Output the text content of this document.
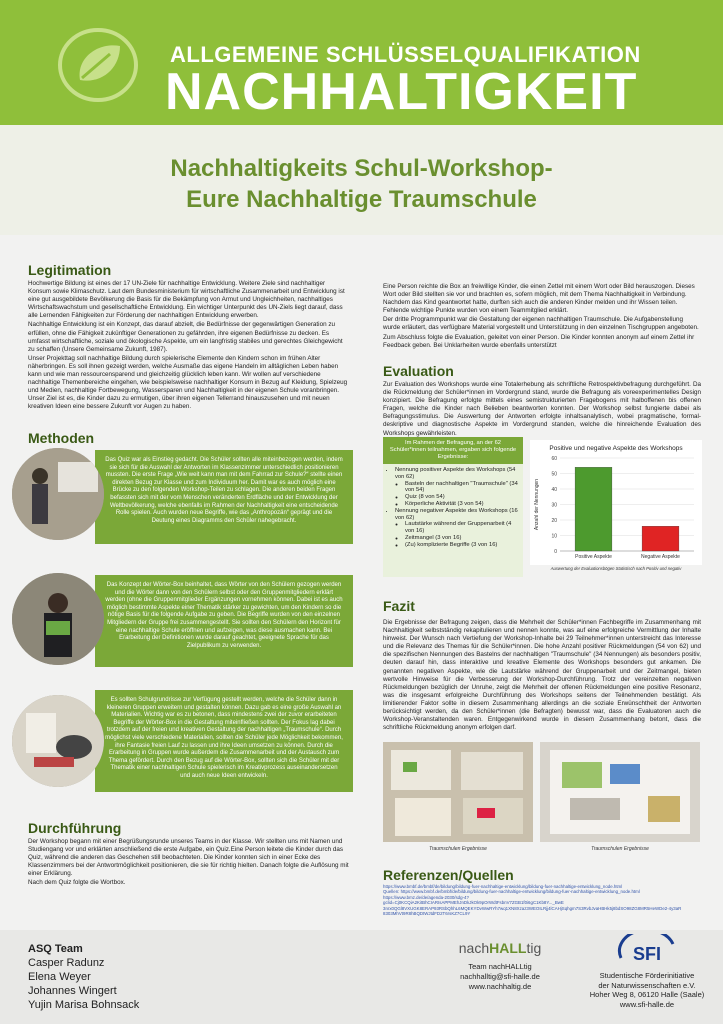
ALLGEMEINE SCHLÜSSELQUALIFIKATION
NACHHALTIGKEIT
Nachhaltigkeits Schul-Workshop-
Eure Nachhaltige Traumschule
Legitimation

Hochwertige Bildung ist eines der 17 UN-Ziele für nachhaltige Entwicklung. Weitere Ziele sind nachhaltiger Konsum sowie Klimaschutz. Laut dem Bundesministerium für wirtschaftliche Zusammenarbeit und Entwicklung ist eine gut ausgebildete Bevölkerung die Basis für die Bekämpfung von Armut und Ungleichheiten, nachhaltiges Wirtschaftswachstum und gesellschaftliche Entwicklung. Ein wichtiger Unterpunkt des UN-Ziels liegt darauf, dass alle Lernenden Fähigkeiten zur Förderung der nachhaltigen Entwicklung erwerben.

Nachhaltige Entwicklung ist ein Konzept, das darauf abzielt, die Bedürfnisse der gegenwärtigen Generation zu erfüllen, ohne die Fähigkeit zukünftiger Generationen zu gefährden, ihre eigenen Bedürfnisse zu decken. Es umfasst wirtschaftliche, soziale und ökologische Aspekte, um ein langfristig stabiles und gerechtes Gleichgewicht zu schaffen (Unsere Gemeinsame Zukunft, 1987).

Unser Projekttag soll nachhaltige Bildung durch spielerische Elemente den Kindern schon im frühen Alter näherbringen. Es soll ihnen gezeigt werden, welche Ausmaße das eigene Handeln im alltäglichen Leben haben kann und wie man ressourcensparend und gleichzeitig glücklich leben kann. Wir wollen auf verschiedene nachhaltige Themenbereiche eingehen, wie beispielsweise nachhaltiger Konsum in Bezug auf Kleidung, Spielzeug und Medien, nachhaltige Fortbewegung, Wassersparen und Nachhaltigkeit in der eigenen Schule voranbringen. Unser Ziel ist es, die Kinder dazu zu ermutigen, über ihren eigenen Tellerrand hinauszusehen und mit neuen kreativen Ideen eine bessere Zukunft vor Augen zu haben.

Methoden

Das Quiz war als Einstieg gedacht. Die Schüler sollten alle miteinbezogen werden, indem sie sich für die Auswahl der Antworten im Klassenzimmer unterschiedlich positionieren mussten. Die erste Frage „Wie weit kann man mit dem Fahrrad zur Schule?“ stellte einen direkten Bezug zur Klasse und zum Individuum her. Damit war es auch möglich eine Brücke zu den folgenden Workshop-Teilen zu schlagen. Die anderen beiden Fragen befassten sich mit der vom Menschen veränderten Erdfläche und der Entwicklung der Weltbevölkerung, welche ebenfalls im Rahmen der Nachhaltigkeit eine entscheidende Rolle spielen. Auch wurden neue Begriffe, wie das „Anthropozän“ geprägt und die Deutung eines Diagramms den Schüler nahegebracht.

Das Konzept der Wörter-Box beinhaltet, dass Wörter von den Schülern gezogen werden und die Wörter dann von den Schülern selbst oder den Gruppenmitgliedern erklärt werden (ohne die Gruppenmitglieder Ergänzungen vornehmen können. Dabei ist es auch möglich bestimmte Aspekte einer Thematik stärker zu gewichten, um den Kindern so die nötige Basis für die folgende Aufgabe zu geben. Die Begriffe wurden von den einzelnen Mitgliedern der Gruppe frei zusammengestellt. Sie sollten den Schülern den Horizont für eine nachhaltige Schule eröffnen und aufzeigen, was diese ausmachen kann. Bei Erarbeitung der Definitionen wurde darauf geachtet, geeignete Sprache für das Zielpublikum zu verwenden.

Es sollten Schulgrundrisse zur Verfügung gestellt werden, welche die Schüler dann in kleineren Gruppen erweitern und gestalten können. Dazu gab es eine große Auswahl an Materialien. Wichtig war es zu betonen, dass mindestens zwei der zuvor erarbeiteten Begriffe der Wörter-Box in die Gestaltung miteinfließen sollten. Der Fokus lag dabei trotzdem auf der freien und kreativen Gestaltung der nachhaltigen „Traumschule“. Durch möglichst viele verschiedene Materialien, sollten die Schüler jede Möglichkeit bekommen, ihre Fantasie freien Lauf zu lassen und ihre Ideen umsetzen zu können. Durch die Erarbeitung in Gruppen wurde außerdem die Zusammenarbeit und der Austausch zum Thema gefördert. Durch den Bezug auf die Wörter-Box, sollten sich die Schüler mit der Thematik einer nachhaltigen Schule spielerisch im Kreativprozess auseinandersetzen und auch neue Ideen entwickeln.

Durchführung

Der Workshop begann mit einer Begrüßungsrunde unseres Teams in der Klasse. Wir stellten uns mit Namen und Studiengang vor und erklärten anschließend die erste Aufgabe, ein Quiz.Eine Person leitete die Kinder durch das Quiz, während die anderen das Geschehen still beobachteten. Die Kinder konnten sich in einer Ecke des Klassenzimmers bei der Antwortmöglichkeit positionieren, die sie für richtig hielten. Danach folgte die Auflösung mit einer Erklärung.

Nach dem Quiz folgte die Wortbox.

Eine Person reichte die Box an freiwillige Kinder, die einen Zettel mit einem Wort oder Bild herauszogen. Dieses Wort oder Bild stellten sie vor und brachten es, sofern möglich, mit dem Thema Nachhaltigkeit in Verbindung. Nachdem das Kind geantwortet hatte, durften sich auch die anderen Kinder melden und ihr Wissen teilen. Fehlende wichtige Punkte wurden von einem Teammitglied erklärt.

Der dritte Programmpunkt war die Gestaltung der eigenen nachhaltigen Traumschule. Die Aufgabenstellung wurde erläutert, das verfügbare Material vorgestellt und Unterstützung in den einzelnen Tischgruppen angeboten.

Zum Abschluss folgte die Evaluation, geleitet von einer Person. Die Kinder konnten anonym auf einem Zettel ihr Feedback geben. Bei Unklarheiten wurde ebenfalls unterstützt

Evaluation

Zur Evaluation des Workshops wurde eine Totalerhebung als schriftliche Retrospektivbefragung durchgeführt. Da die Rückmeldung der Schüler*innen im Vordergrund stand, wurde die Befragung als voreexperimentelles Design konzipiert. Die Befragung erfolgte mittels eines semistrukturierten Fragebogens mit halboffenen bis offenen Fragen, welche die Kinder nach Belieben beantworten konnten. Der Workshop selbst fungierte dabei als Befragungsstimulus. Die Auswertung der Antworten erfolgte inhaltsanalytisch, wobei pragmatische, formal-deskriptive und diagnostische Aspekte im Vordergrund standen, welche die hinreichende Evaluation des Workshops gewährleisten.

Im Rahmen der Befragung, an der 62 Schüler*innen teilnahmen, ergaben sich folgende Ergebnisse:
• Nennung positiver Aspekte des Workshops (54 von 62)
◦ Basteln der nachhaltigen "Traumschule" (34 von 54)
◦ Quiz (8 von 54)
◦ Körperliche Aktivität (3 von 54)
• Nennung negativer Aspekte des Workshops (16 von 62)
◦ Lautstärke während der Gruppenarbeit (4 von 16)
◦ Zeitmangel (3 von 16)
◦ (Zu) komplizierte Begriffe (3 von 16)
Positive und negative Aspekte des Workshops
0
10
20
30
40
50
60
Anzahl der Nennungen
Positive Aspekte	Negative Aspekte
Auswertung der Evaluationsbögen Statistisch nach Positiv und negativ
Fazit

Die Ergebnisse der Befragung zeigen, dass die Mehrheit der Schüler*innen Fachbegriffe im Zusammenhang mit Nachhaltigkeit selbstständig rekapitulieren und nennen konnte, was auf eine erfolgreiche Vermittlung der Inhalte hinweist. Der Wunsch nach Vertiefung der Workshop-Inhalte bei 29 Teilnehmer*innen unterstreicht das Interesse und die Relevanz des Themas für die Schüler*innen. Die hohe Anzahl positiver Rückmeldungen (54 von 62) und die spezifischen Nennungen des Bastelns der nachhaltigen "Traumschule" (34 Nennungen) als besonders positiv, deuten darauf hin, dass interaktive und kreative Elemente des Workshops besonders gut ankamen. Die genannten negativen Aspekte, wie die Lautstärke während der Gruppenarbeit und der Zeitmangel, bieten wertvolle Hinweise für die Verbesserung der Workshop-Durchführung. Trotz der vereinzelten negativen Rückmeldungen bezüglich der Unruhe, zeigt die Mehrheit der offenen Rückmeldungen eine positive Resonanz, was die insgesamt erfolgreiche Durchführung des Workshops seitens der Teilnehmenden bestätigt. Als limitierender Faktor sollte in diesem Zusammenhang allerdings an die soziale Erwünschtheit der Antworten berücksichtigt werden, da den Schüler*innen (die Befragten) bewusst war, dass die Evaluatoren auch die Workshop-Veranstaltenden waren. Entgegenwirkend wurde in diesem Zusammenhang betont, dass die schriftliche Rückmeldung anonym erfolgen darf.

Traumschulen Ergebnisse	Traumschulen Ergebnisse
Referenzen/Quellen
https://www.bmbf.de/bmbf/de/bildung/bildung-fuer-nachhaltige-entwicklung/bildung-fuer-nachhaltige-entwicklung_node.html
Quellen: https://www.bmbf.de/bmbf/de/bildung/bildung-fuer-nachhaltige-entwicklung/bildung-fuer-nachhaltige-entwicklung_node.html
https://www.bmz.de/de/agenda-2030/sdg-4?
gclid=Cj0KCQiA2KitBhCIARIsAPPMEhJnDkJkOk9pOrWdtFsbnV7ZGB1f0i6gC1Kb8Y..._BwE
3nrx0QGl8VXUGK8ERAP93RSbQhhL6MQEKYDvWwRYh7wq1XN8Xzaz3WEOILRjj4lCAHjSqhgm7S3RvbJvaHBHk5j8bdSO98ZG8MR5HeWDe2-4y3aR
8303MhVt9R8hBQDtWJtdFD2T6rsKZ7CL9Y
ASQ Team
Casper Radunz
Elena Weyer
Johannes Wingert
Yujin Marisa Bohnsack
nachHALLtig
Team nachHALLtig
nachhalltig@sfi-halle.de
www.nachhaltig.de
SFI
Studentische Förderinitiative
der Naturwissenschaften e.V.
Hoher Weg 8, 06120 Halle (Saale)
www.sfi-halle.de
